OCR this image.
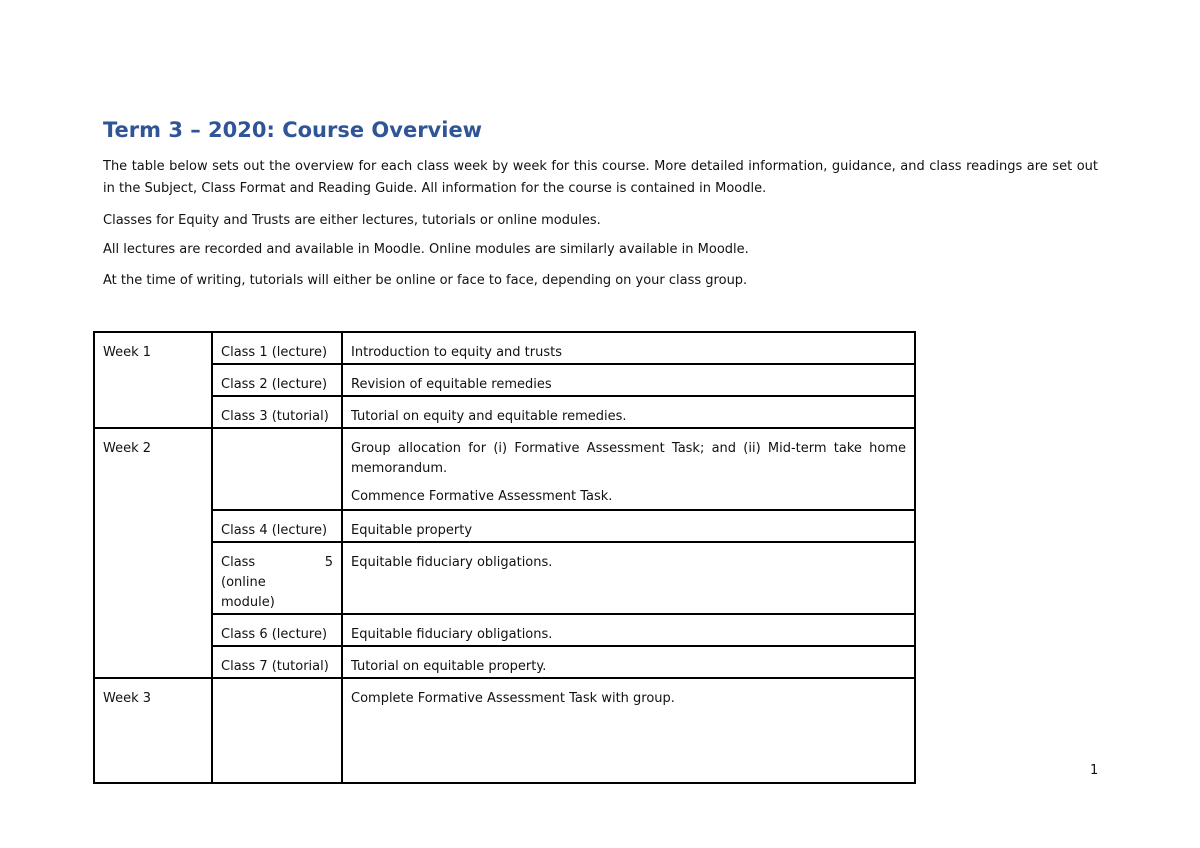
Term 3 – 2020: Course Overview

The table below sets out the overview for each class week by week for this course. More detailed information, guidance, and class readings are set out in the Subject, Class Format and Reading Guide. All information for the course is contained in Moodle.

Classes for Equity and Trusts are either lectures, tutorials or online modules.

All lectures are recorded and available in Moodle. Online modules are similarly available in Moodle.

At the time of writing, tutorials will either be online or face to face, depending on your class group.

Week 1	Class 1 (lecture)	Introduction to equity and trusts
	Class 2 (lecture)	Revision of equitable remedies
	Class 3 (tutorial)	Tutorial on equity and equitable remedies.
Week 2		Group allocation for (i) Formative Assessment Task; and (ii) Mid-term take home memorandum.
Commence Formative Assessment Task.

	Class 4 (lecture)	Equitable property
	Class 5 (online module)	Equitable fiduciary obligations.
	Class 6 (lecture)	Equitable fiduciary obligations.
	Class 7 (tutorial)	Tutorial on equitable property.
Week 3		Complete Formative Assessment Task with group.
1
